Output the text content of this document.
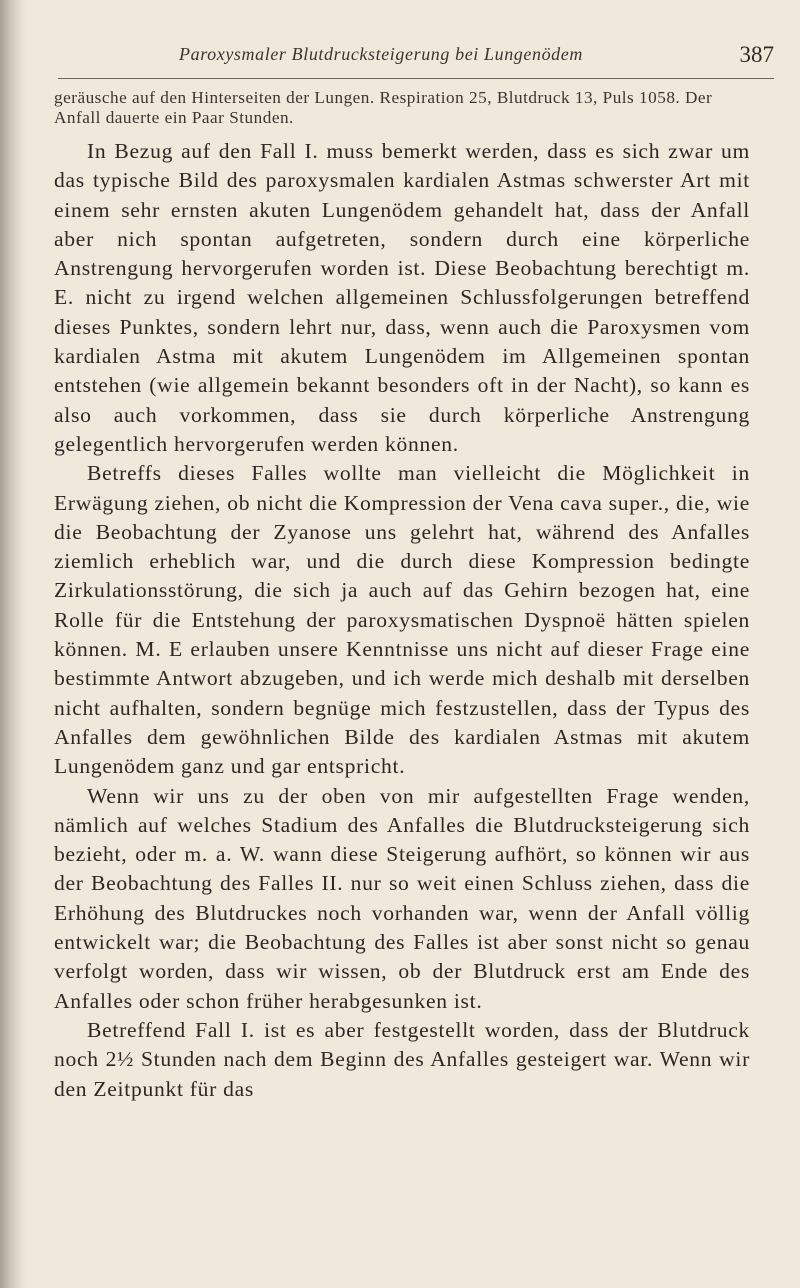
Paroxysmaler Blutdrucksteigerung bei Lungenödem	387
geräusche auf den Hinterseiten der Lungen. Respiration 25, Blutdruck 13, Puls 1058. Der Anfall dauerte ein Paar Stunden.

In Bezug auf den Fall I. muss bemerkt werden, dass es sich zwar um das typische Bild des paroxysmalen kardialen Astmas schwerster Art mit einem sehr ernsten akuten Lungenödem gehandelt hat, dass der Anfall aber nich spontan aufgetreten, sondern durch eine körperliche Anstrengung hervorgerufen worden ist. Diese Beobachtung berechtigt m. E. nicht zu irgend welchen allgemeinen Schlussfolgerungen betreffend dieses Punktes, sondern lehrt nur, dass, wenn auch die Paroxysmen vom kardialen Astma mit akutem Lungenödem im Allgemeinen spontan entstehen (wie allgemein bekannt besonders oft in der Nacht), so kann es also auch vorkommen, dass sie durch körperliche Anstrengung gelegentlich hervorgerufen werden können.

Betreffs dieses Falles wollte man vielleicht die Möglichkeit in Erwägung ziehen, ob nicht die Kompression der Vena cava super., die, wie die Beobachtung der Zyanose uns gelehrt hat, während des Anfalles ziemlich erheblich war, und die durch diese Kompression bedingte Zirkulationsstörung, die sich ja auch auf das Gehirn bezogen hat, eine Rolle für die Entstehung der paroxysmatischen Dyspnoë hätten spielen können. M. E erlauben unsere Kenntnisse uns nicht auf dieser Frage eine bestimmte Antwort abzugeben, und ich werde mich deshalb mit derselben nicht aufhalten, sondern begnüge mich festzustellen, dass der Typus des Anfalles dem gewöhnlichen Bilde des kardialen Astmas mit akutem Lungenödem ganz und gar entspricht.

Wenn wir uns zu der oben von mir aufgestellten Frage wenden, nämlich auf welches Stadium des Anfalles die Blutdrucksteigerung sich bezieht, oder m. a. W. wann diese Steigerung aufhört, so können wir aus der Beobachtung des Falles II. nur so weit einen Schluss ziehen, dass die Erhöhung des Blutdruckes noch vorhanden war, wenn der Anfall völlig entwickelt war; die Beobachtung des Falles ist aber sonst nicht so genau verfolgt worden, dass wir wissen, ob der Blutdruck erst am Ende des Anfalles oder schon früher herabgesunken ist.

Betreffend Fall I. ist es aber festgestellt worden, dass der Blutdruck noch 2½ Stunden nach dem Beginn des Anfalles gesteigert war. Wenn wir den Zeitpunkt für das
